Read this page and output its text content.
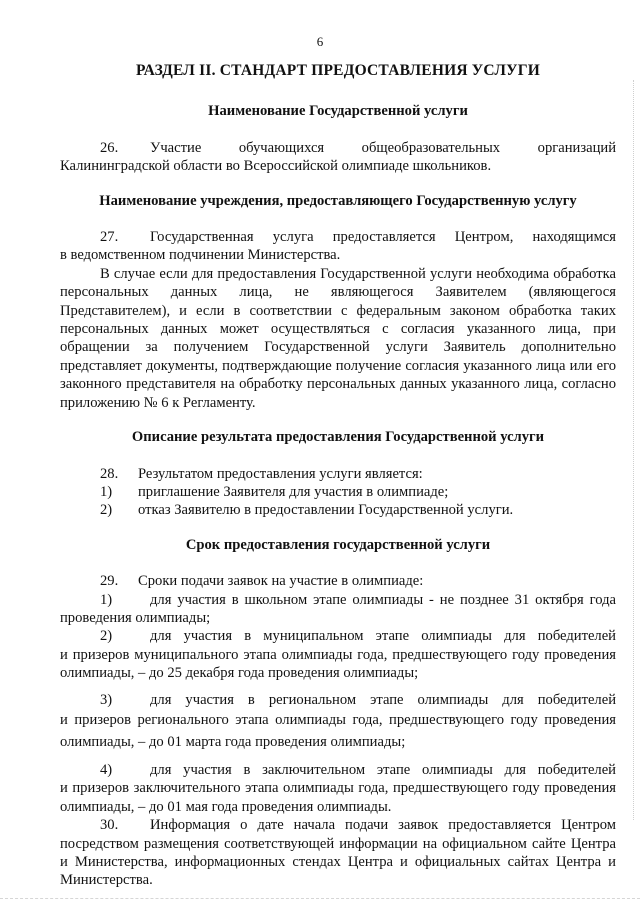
6
РАЗДЕЛ II. СТАНДАРТ ПРЕДОСТАВЛЕНИЯ УСЛУГИ
Наименование Государственной услуги

26. Участие обучающихся общеобразовательных организаций

Калининградской области во Всероссийской олимпиаде школьников.

Наименование учреждения, предоставляющего Государственную услугу

27. Государственная услуга предоставляется Центром, находящимся

в ведомственном подчинении Министерства.

В случае если для предоставления Государственной услуги необходима обработка персональных данных лица, не являющегося Заявителем (являющегося Представителем), и если в соответствии с федеральным законом обработка таких персональных данных может осуществляться с согласия указанного лица, при обращении за получением Государственной услуги Заявитель дополнительно представляет документы, подтверждающие получение согласия указанного лица или его законного представителя на обработку персональных данных указанного лица, согласно приложению № 6 к Регламенту.

Описание результата предоставления Государственной услуги
28.	Результатом предоставления услуги является:
1)	приглашение Заявителя для участия в олимпиаде;
2)	отказ Заявителю в предоставлении Государственной услуги.
Срок предоставления государственной услуги
29.	Сроки подачи заявок на участие в олимпиаде:

1)	для участия в школьном этапе олимпиады - не позднее 31 октября года

проведения олимпиады;

2)	для участия в муниципальном этапе олимпиады для победителей

и призеров муниципального этапа олимпиады года, предшествующего году проведения олимпиады, – до 25 декабря года проведения олимпиады;

3)	для участия в региональном этапе олимпиады для победителей

и призеров регионального этапа олимпиады года, предшествующего году проведения олимпиады, – до 01 марта года проведения олимпиады;

4)	для участия в заключительном этапе олимпиады для победителей

и призеров заключительного этапа олимпиады года, предшествующего году проведения олимпиады, – до 01 мая года проведения олимпиады.

30. Информация о дате начала подачи заявок предоставляется Центром

посредством размещения соответствующей информации на официальном сайте Центра и Министерства, информационных стендах Центра и официальных сайтах Центра и Министерства.
